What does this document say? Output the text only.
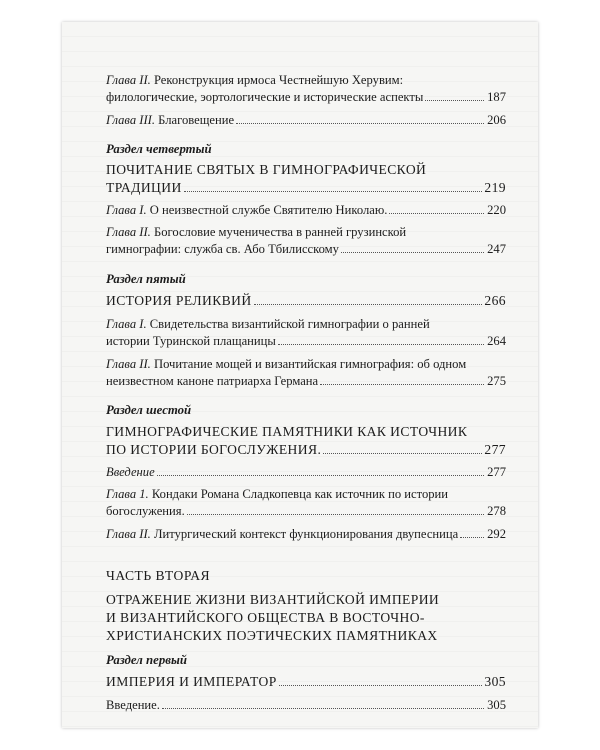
Глава II.
Реконструкция ирмоса Честнейшую Херувим:
филологические, эортологические и исторические аспекты	187
Глава III.
Благовещение	206
Раздел четвертый
ПОЧИТАНИЕ СВЯТЫХ В ГИМНОГРАФИЧЕСКОЙ
ТРАДИЦИИ	219
Глава I.
О неизвестной службе Святителю Николаю.	220
Глава II.
Богословие мученичества в ранней грузинской
гимнографии: служба св. Або Тбилисскому	247
Раздел пятый
ИСТОРИЯ РЕЛИКВИЙ	266
Глава I.
Свидетельства византийской гимнографии о ранней
истории Туринской плащаницы	264
Глава II.
Почитание мощей и византийская гимнография: об одном
неизвестном каноне патриарха Германа	275
Раздел шестой
ГИМНОГРАФИЧЕСКИЕ ПАМЯТНИКИ КАК ИСТОЧНИК
ПО ИСТОРИИ БОГОСЛУЖЕНИЯ.	277
Введение	277
Глава 1.
Кондаки Романа Сладкопевца как источник по истории
богослужения.	278
Глава II.
Литургический контекст функционирования двупесница 292
ЧАСТЬ ВТОРАЯ
ОТРАЖЕНИЕ ЖИЗНИ ВИЗАНТИЙСКОЙ ИМПЕРИИ
И ВИЗАНТИЙСКОГО ОБЩЕСТВА В ВОСТОЧНО-
ХРИСТИАНСКИХ ПОЭТИЧЕСКИХ ПАМЯТНИКАХ
Раздел первый
ИМПЕРИЯ И ИМПЕРАТОР	305
Введение.	305
